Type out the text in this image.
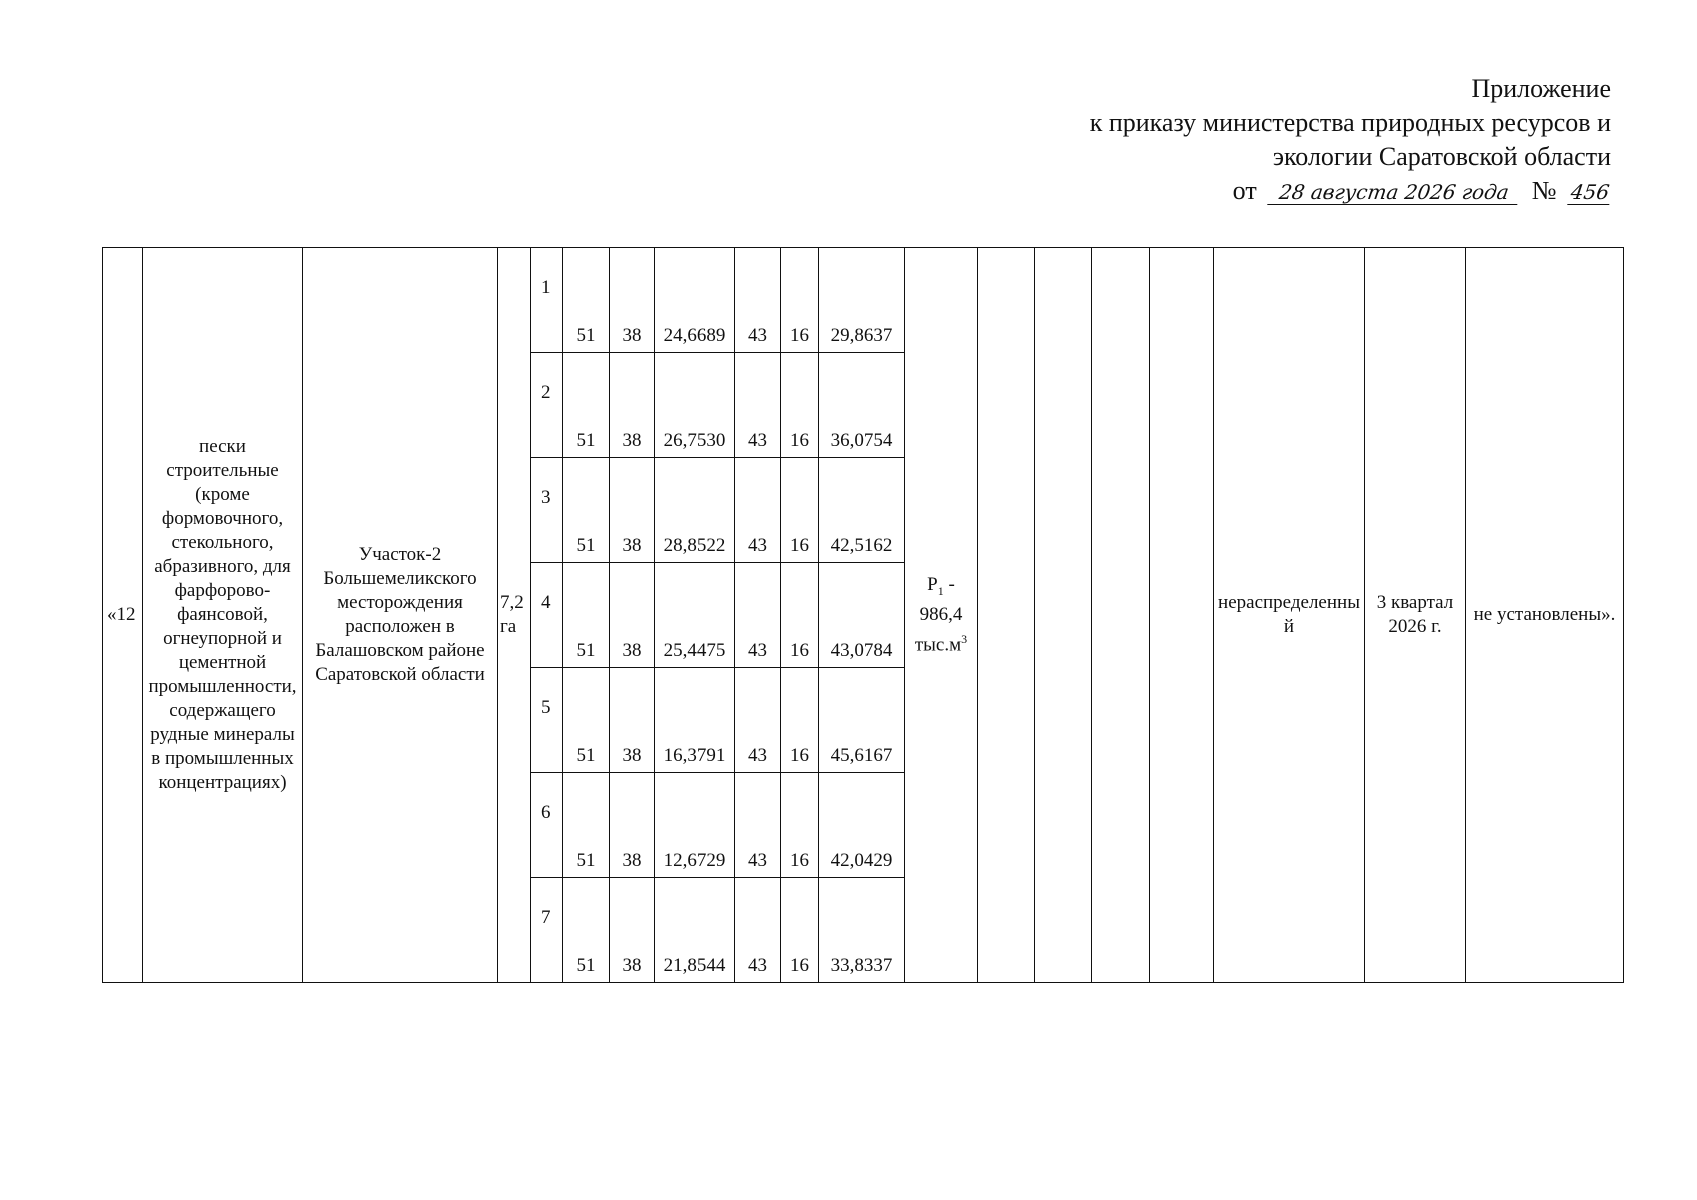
Приложение
к приказу министерства природных ресурсов и
экологии Саратовской области
от 28 августа 2026 года № 456
«12	пески строительные (кроме формовочного, стекольного, абразивного, для фарфорово-фаянсовой, огнеупорной и цементной промышленности, содержащего рудные минералы в промышленных концентрациях)	Участок-2 Большемеликского месторождения расположен в Балашовском районе Саратовской области	7,2 га	1	51	38	24,6689	43	16	29,8637	$P_1 - 986,4$ $тыс.м^3$					нераспределенный	3 квартал 2026 г.	не установлены».
				2	51	38	26,7530	43	16	36,0754								
				3	51	38	28,8522	43	16	42,5162								
				4	51	38	25,4475	43	16	43,0784								
				5	51	38	16,3791	43	16	45,6167								
				6	51	38	12,6729	43	16	42,0429								
				7	51	38	21,8544	43	16	33,8337								
